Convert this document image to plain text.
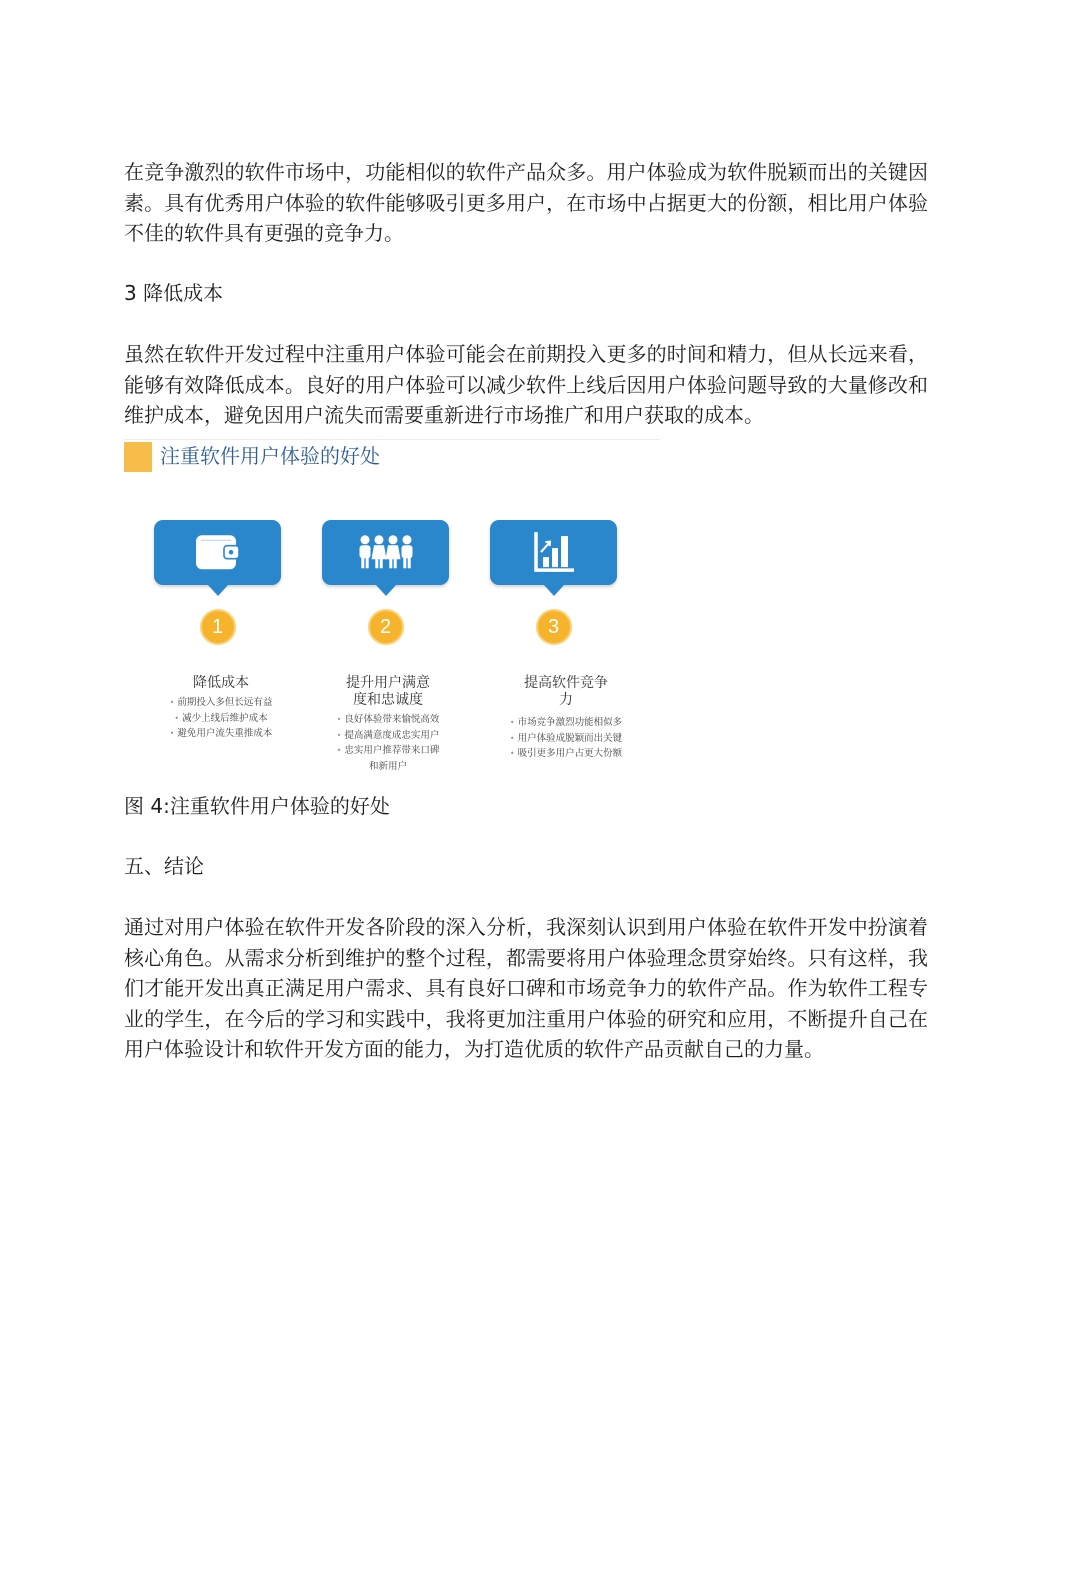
在竞争激烈的软件市场中，功能相似的软件产品众多。用户体验成为软件脱颖而出的关键因素。具有优秀用户体验的软件能够吸引更多用户，在市场中占据更大的份额，相比用户体验不佳的软件具有更强的竞争力。

3 降低成本

虽然在软件开发过程中注重用户体验可能会在前期投入更多的时间和精力，但从长远来看，能够有效降低成本。良好的用户体验可以减少软件上线后因用户体验问题导致的大量修改和维护成本，避免因用户流失而需要重新进行市场推广和用户获取的成本。

注重软件用户体验的好处
1
降低成本
• 前期投入多但长远有益
• 减少上线后维护成本
• 避免用户流失重推成本
2
提升用户满意度和忠诚度
• 良好体验带来愉悦高效
• 提高满意度成忠实用户
• 忠实用户推荐带来口碑和新用户
3
提高软件竞争力
• 市场竞争激烈功能相似多
• 用户体验成脱颖而出关键
• 吸引更多用户占更大份额
图 4:注重软件用户体验的好处
五、结论

通过对用户体验在软件开发各阶段的深入分析，我深刻认识到用户体验在软件开发中扮演着核心角色。从需求分析到维护的整个过程，都需要将用户体验理念贯穿始终。只有这样，我们才能开发出真正满足用户需求、具有良好口碑和市场竞争力的软件产品。作为软件工程专业的学生，在今后的学习和实践中，我将更加注重用户体验的研究和应用，不断提升自己在用户体验设计和软件开发方面的能力，为打造优质的软件产品贡献自己的力量。
